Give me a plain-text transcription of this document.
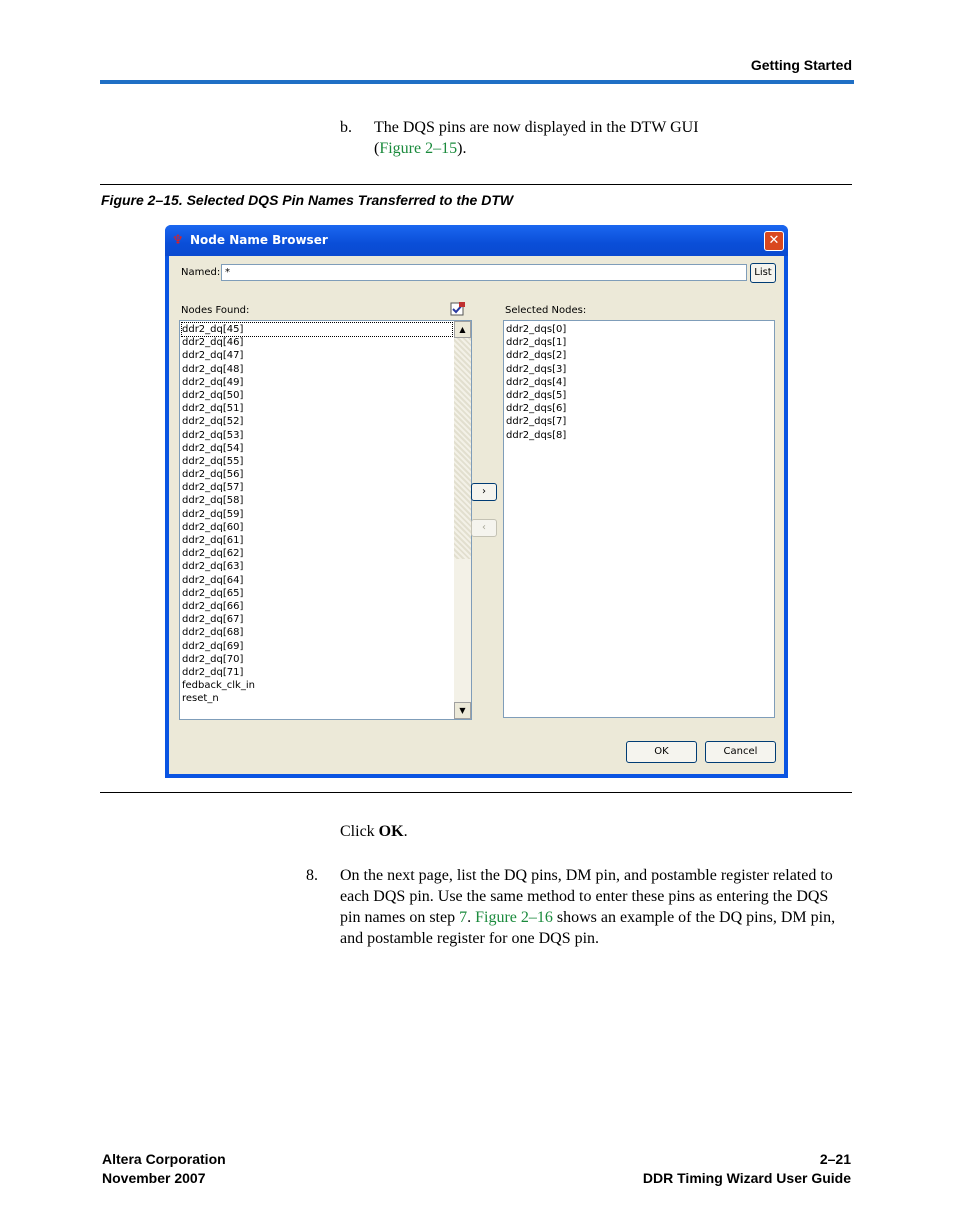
Getting Started
b. The DQS pins are now displayed in the DTW GUI
(Figure 2–15).
Figure 2–15. Selected DQS Pin Names Transferred to the DTW
♆ Node Name Browser	✕
Named: *	List
Nodes Found:	Selected Nodes:
ddr2_dq[45]
ddr2_dq[46]
ddr2_dq[47]
ddr2_dq[48]
ddr2_dq[49]
ddr2_dq[50]
ddr2_dq[51]
ddr2_dq[52]
ddr2_dq[53]
ddr2_dq[54]
ddr2_dq[55]
ddr2_dq[56]
ddr2_dq[57]
ddr2_dq[58]
ddr2_dq[59]
ddr2_dq[60]
ddr2_dq[61]
ddr2_dq[62]
ddr2_dq[63]
ddr2_dq[64]
ddr2_dq[65]
ddr2_dq[66]
ddr2_dq[67]
ddr2_dq[68]
ddr2_dq[69]
ddr2_dq[70]
ddr2_dq[71]
fedback_clk_in
reset_n
▲
▼
›
‹
ddr2_dqs[0]
ddr2_dqs[1]
ddr2_dqs[2]
ddr2_dqs[3]
ddr2_dqs[4]
ddr2_dqs[5]
ddr2_dqs[6]
ddr2_dqs[7]
ddr2_dqs[8]
OK	Cancel
Click OK.
8. On the next page, list the DQ pins, DM pin, and postamble register related to each DQS pin. Use the same method to enter these pins as entering the DQS pin names on step 7. Figure 2–16 shows an example of the DQ pins, DM pin, and postamble register for one DQS pin.
Altera Corporation
November 2007
2–21
DDR Timing Wizard User Guide
